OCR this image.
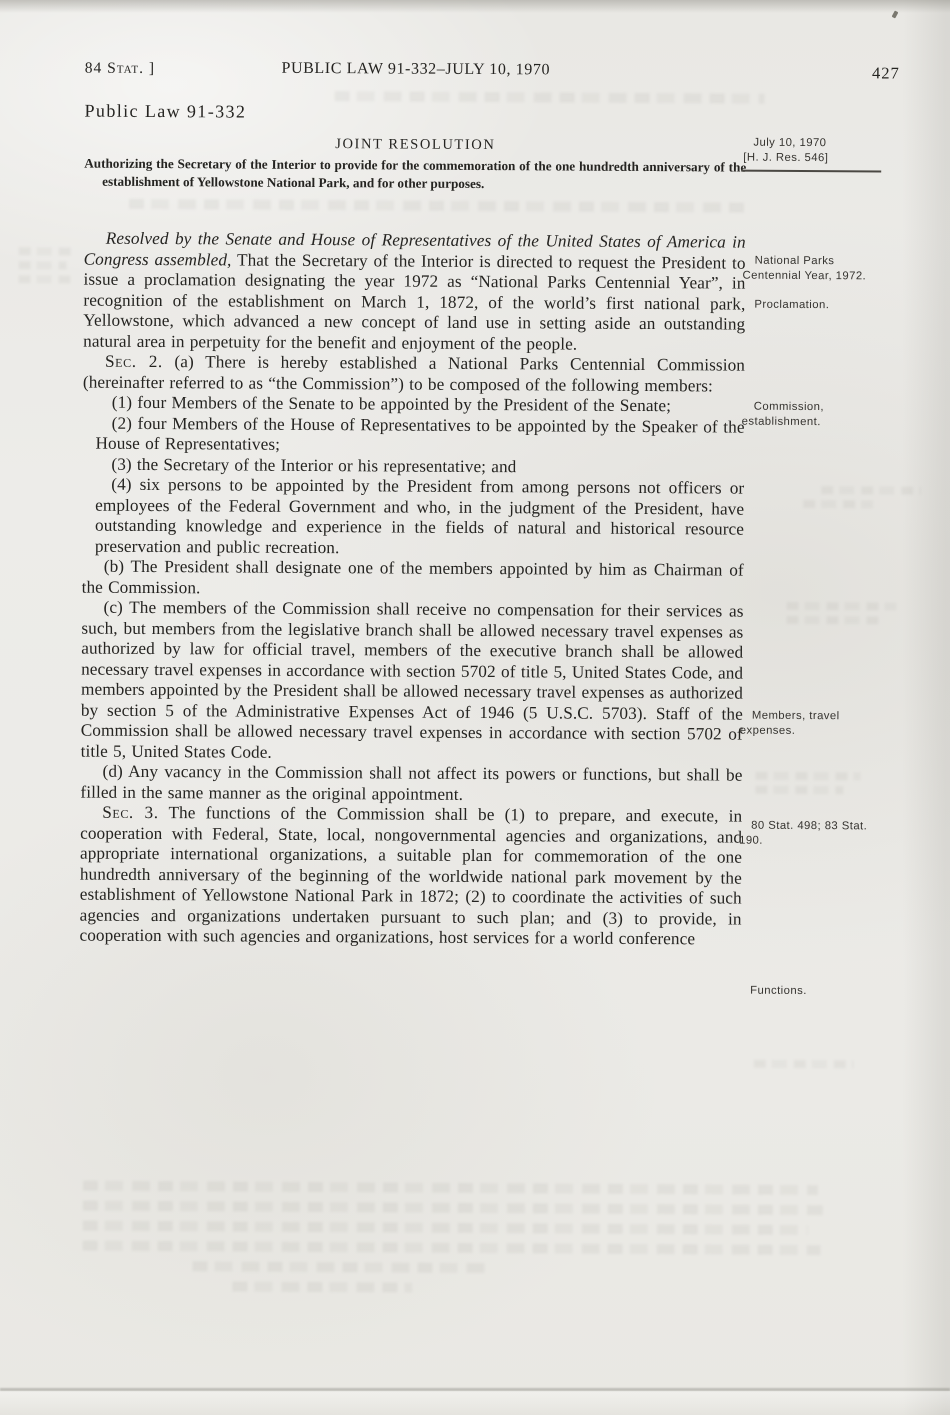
84 Stat. ]	PUBLIC LAW 91-332–JULY 10, 1970	427
Public Law 91-332
JOINT RESOLUTION
Authorizing the Secretary of the Interior to provide for the commemoration of the one hundredth anniversary of the establishment of Yellowstone National Park, and for other purposes.
July 10, 1970
[H. J. Res. 546]
National Parks Centennial Year, 1972.
Proclamation.
Commission, establishment.
Members, travel expenses.
80 Stat. 498; 83 Stat. 190.
Functions.

Resolved by the Senate and House of Representatives of the United States of America in Congress assembled, That the Secretary of the Interior is directed to request the President to issue a proclamation designating the year 1972 as “National Parks Centennial Year”, in recognition of the establishment on March 1, 1872, of the world’s first national park, Yellowstone, which advanced a new concept of land use in setting aside an outstanding natural area in perpetuity for the benefit and enjoyment of the people.

Sec. 2. (a) There is hereby established a National Parks Centennial Commission (hereinafter referred to as “the Commission”) to be composed of the following members:

(1) four Members of the Senate to be appointed by the President of the Senate;

(2) four Members of the House of Representatives to be appointed by the Speaker of the House of Representatives;

(3) the Secretary of the Interior or his representative; and

(4) six persons to be appointed by the President from among persons not officers or employees of the Federal Government and who, in the judgment of the President, have outstanding knowledge and experience in the fields of natural and historical resource preservation and public recreation.

(b) The President shall designate one of the members appointed by him as Chairman of the Commission.

(c) The members of the Commission shall receive no compensation for their services as such, but members from the legislative branch shall be allowed necessary travel expenses as authorized by law for official travel, members of the executive branch shall be allowed necessary travel expenses in accordance with section 5702 of title 5, United States Code, and members appointed by the President shall be allowed necessary travel expenses as authorized by section 5 of the Administrative Expenses Act of 1946 (5 U.S.C. 5703). Staff of the Commission shall be allowed necessary travel expenses in accordance with section 5702 of title 5, United States Code.

(d) Any vacancy in the Commission shall not affect its powers or functions, but shall be filled in the same manner as the original appointment.

Sec. 3. The functions of the Commission shall be (1) to prepare, and execute, in cooperation with Federal, State, local, nongovernmental agencies and organizations, and appropriate international organizations, a suitable plan for commemoration of the one hundredth anniversary of the beginning of the worldwide national park movement by the establishment of Yellowstone National Park in 1872; (2) to coordinate the activities of such agencies and organizations undertaken pursuant to such plan; and (3) to provide, in cooperation with such agencies and organizations, host services for a world conference
